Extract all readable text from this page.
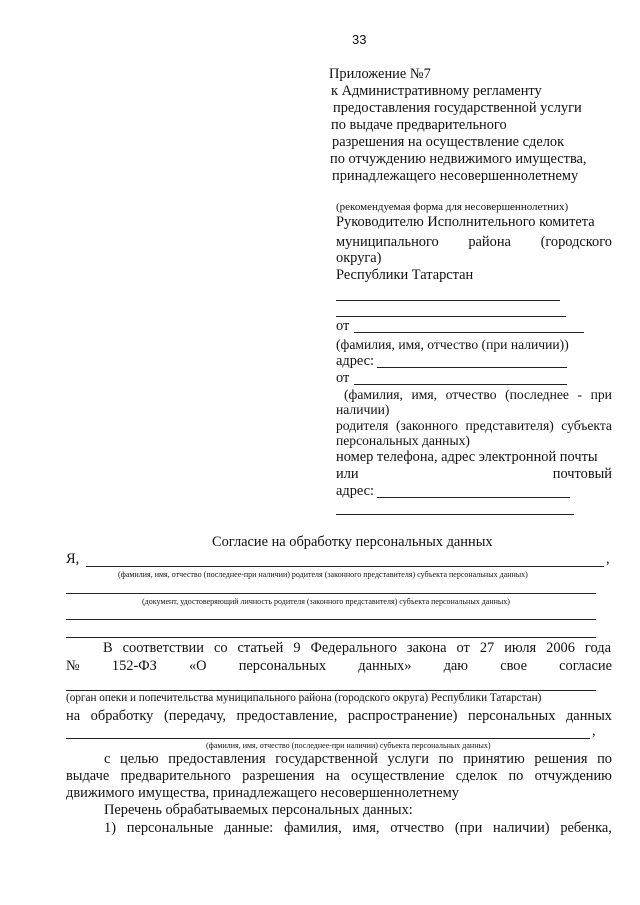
33
Приложение №7
к Административному регламенту
предоставления государственной услуги
по выдаче предварительного
разрешения на осуществление сделок
по отчуждению недвижимого имущества,
принадлежащего несовершеннолетнему
(рекомендуемая форма для несовершеннолетних)
Руководителю Исполнительного комитета
муниципального района (городского
округа)
Республики Татарстан
от
(фамилия, имя, отчество (при наличии))
адрес:
от
(фамилия, имя, отчество (последнее - при
наличии)
родителя (законного представителя) субъекта
персональных данных)
номер телефона, адрес электронной почты
или	почтовый
адрес:
Согласие на обработку персональных данных
Я,	,
(фамилия, имя, отчество (последнее-при наличии) родителя (законного представителя) субъекта персональных данных)
(документ, удостоверяющий личность родителя (законного представителя) субъекта персональных данных)
В соответствии со статьей 9 Федерального закона от 27 июля 2006 года
№ 152-ФЗ «О персональных данных» даю свое согласие
(орган опеки и попечительства муниципального района (городского округа) Республики Татарстан)
на обработку (передачу, предоставление, распространение) персональных данных
,
(фамилия, имя, отчество (последнее-при наличии) субъекта персональных данных)
с целью предоставления государственной услуги по принятию решения по
выдаче предварительного разрешения на осуществление сделок по отчуждению
движимого имущества, принадлежащего несовершеннолетнему
Перечень обрабатываемых персональных данных:
1) персональные данные: фамилия, имя, отчество (при наличии) ребенка,
